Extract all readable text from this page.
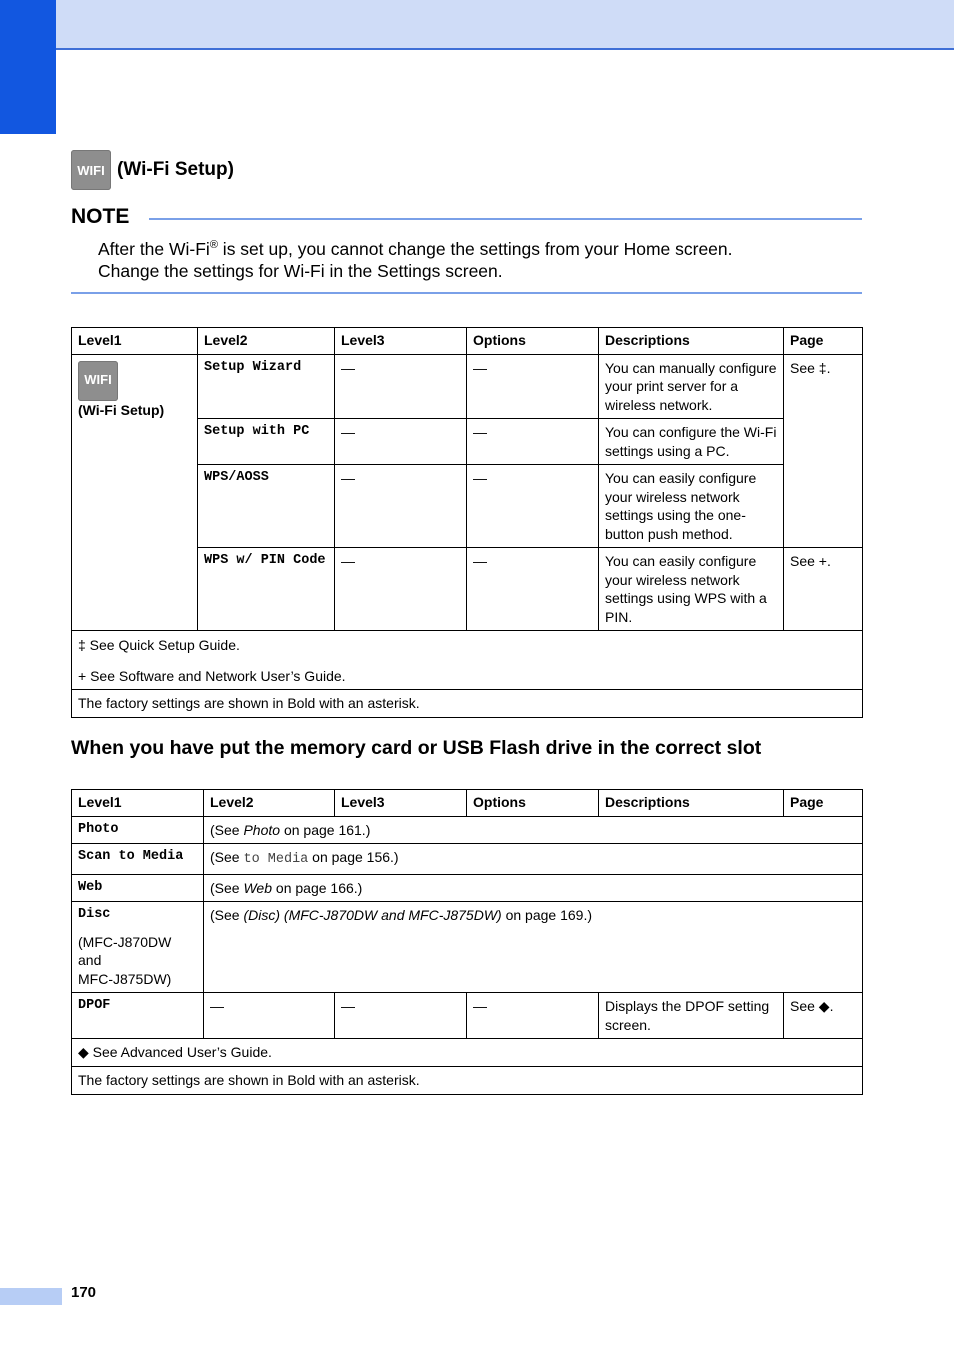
WIFI (Wi-Fi Setup)
NOTE
After the Wi-Fi® is set up, you cannot change the settings from your Home screen.
Change the settings for Wi-Fi in the Settings screen.
Level1	Level2	Level3	Options	Descriptions	Page

WIFI
(Wi-Fi Setup)	Setup Wizard	—	—	You can manually configure your print server for a wireless network.	See ‡.
	Setup with PC	—	—	You can configure the Wi-Fi settings using a PC.	
	WPS/AOSS	—	—	You can easily configure your wireless network settings using the one-button push method.	
	WPS w/ PIN Code	—	—	You can easily configure your wireless network settings using WPS with a PIN.	See +.

‡ See Quick Setup Guide.
+ See Software and Network User’s Guide.					

The factory settings are shown in Bold with an asterisk.					
When you have put the memory card or USB Flash drive in the correct slot
Level1	Level2	Level3	Options	Descriptions	Page
Photo	(See Photo on page 161.)				
Scan to Media	(See to Media on page 156.)				
Web	(See Web on page 166.)				

Disc
(MFC-J870DW
and
MFC-J875DW)	(See (Disc) (MFC-J870DW and MFC-J875DW) on page 169.)				
DPOF	—	—	—	Displays the DPOF setting screen.	See ◆.
◆ See Advanced User’s Guide.					
The factory settings are shown in Bold with an asterisk.					
170
